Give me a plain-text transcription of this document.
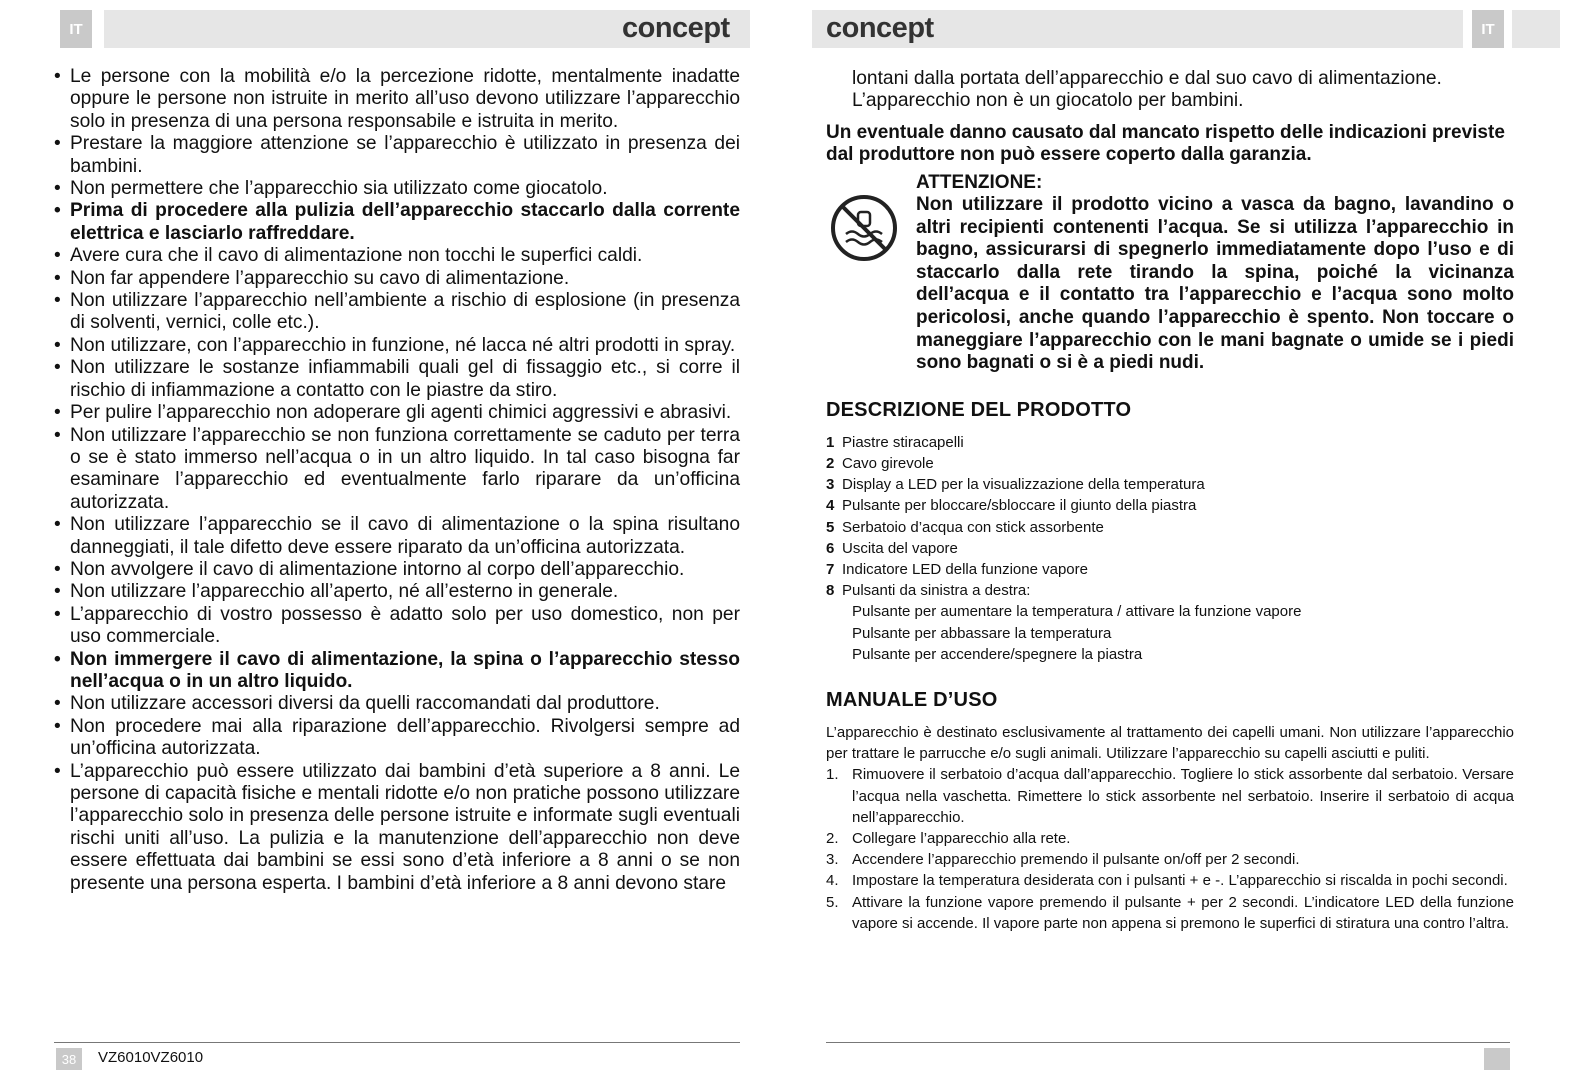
IT	concept	concept	IT
• Le persone con la mobilità e/o la percezione ridotte, mentalmente inadatte oppure le persone non istruite in merito all’uso devono utilizzare l’apparecchio solo in presenza di una persona responsabile e istruita in merito.
• Prestare la maggiore attenzione se l’apparecchio è utilizzato in presenza dei bambini.
• Non permettere che l’apparecchio sia utilizzato come giocatolo.
• Prima di procedere alla pulizia dell’apparecchio staccarlo dalla corrente elettrica e lasciarlo raffreddare.
• Avere cura che il cavo di alimentazione non tocchi le superfici caldi.
• Non far appendere l’apparecchio su cavo di alimentazione.
• Non utilizzare l’apparecchio nell’ambiente a rischio di esplosione (in presenza di solventi, vernici, colle etc.).
• Non utilizzare, con l’apparecchio in funzione, né lacca né altri prodotti in spray.
• Non utilizzare le sostanze infiammabili quali gel di fissaggio etc., si corre il rischio di infiammazione a contatto con le piastre da stiro.
• Per pulire l’apparecchio non adoperare gli agenti chimici aggressivi e abrasivi.
• Non utilizzare l’apparecchio se non funziona correttamente se caduto per terra o se è stato immerso nell’acqua o in un altro liquido. In tal caso bisogna far esaminare l’apparecchio ed eventualmente farlo riparare da un’officina autorizzata.
• Non utilizzare l’apparecchio se il cavo di alimentazione o la spina risultano danneggiati, il tale difetto deve essere riparato da un’officina autorizzata.
• Non avvolgere il cavo di alimentazione intorno al corpo dell’apparecchio.
• Non utilizzare l’apparecchio all’aperto, né all’esterno in generale.
• L’apparecchio di vostro possesso è adatto solo per uso domestico, non per uso commerciale.
• Non immergere il cavo di alimentazione, la spina o l’apparecchio stesso nell’acqua o in un altro liquido.
• Non utilizzare accessori diversi da quelli raccomandati dal produttore.
• Non procedere mai alla riparazione dell’apparecchio. Rivolgersi sempre ad un’officina autorizzata.
• L’apparecchio può essere utilizzato dai bambini d’età superiore a 8 anni. Le persone di capacità fisiche e mentali ridotte e/o non pratiche possono utilizzare l’apparecchio solo in presenza delle persone istruite e informate sugli eventuali rischi uniti all’uso. La pulizia e la manutenzione dell’apparecchio non deve essere effettuata dai bambini se essi sono d’età inferiore a 8 anni o se non presente una persona esperta. I bambini d’età inferiore a 8 anni devono stare

lontani dalla portata dell’apparecchio e dal suo cavo di alimentazione. L’apparecchio non è un giocatolo per bambini.

Un eventuale danno causato dal mancato rispetto delle indicazioni previste dal produttore non può essere coperto dalla garanzia.

ATTENZIONE:

Non utilizzare il prodotto vicino a vasca da bagno, lavandino o altri recipienti contenenti l’acqua. Se si utilizza l’apparecchio in bagno, assicurarsi di spegnerlo immediatamente dopo l’uso e di staccarlo dalla rete tirando la spina, poiché la vicinanza dell’acqua e il contatto tra l’apparecchio e l’acqua sono molto pericolosi, anche quando l’apparecchio è spento. Non toccare o maneggiare l’apparecchio con le mani bagnate o umide se i piedi sono bagnati o si è a piedi nudi.

DESCRIZIONE DEL PRODOTTO
1 Piastre stiracapelli
2 Cavo girevole
3 Display a LED per la visualizzazione della temperatura
4 Pulsante per bloccare/sbloccare il giunto della piastra
5 Serbatoio d’acqua con stick assorbente
6 Uscita del vapore
7 Indicatore LED della funzione vapore
8 Pulsanti da sinistra a destra:
Pulsante per aumentare la temperatura / attivare la funzione vapore
Pulsante per abbassare la temperatura
Pulsante per accendere/spegnere la piastra
MANUALE D’USO

L’apparecchio è destinato esclusivamente al trattamento dei capelli umani. Non utilizzare l’apparecchio per trattare le parrucche e/o sugli animali. Utilizzare l’apparecchio su capelli asciutti e puliti.

1. Rimuovere il serbatoio d’acqua dall’apparecchio. Togliere lo stick assorbente dal serbatoio. Versare l’acqua nella vaschetta. Rimettere lo stick assorbente nel serbatoio. Inserire il serbatoio di acqua nell’apparecchio.
2. Collegare l’apparecchio alla rete.
3. Accendere l’apparecchio premendo il pulsante on/off per 2 secondi.
4. Impostare la temperatura desiderata con i pulsanti + e -. L’apparecchio si riscalda in pochi secondi.
5. Attivare la funzione vapore premendo il pulsante + per 2 secondi. L’indicatore LED della funzione vapore si accende. Il vapore parte non appena si premono le superfici di stiratura una contro l’altra.
38	VZ6010VZ6010
